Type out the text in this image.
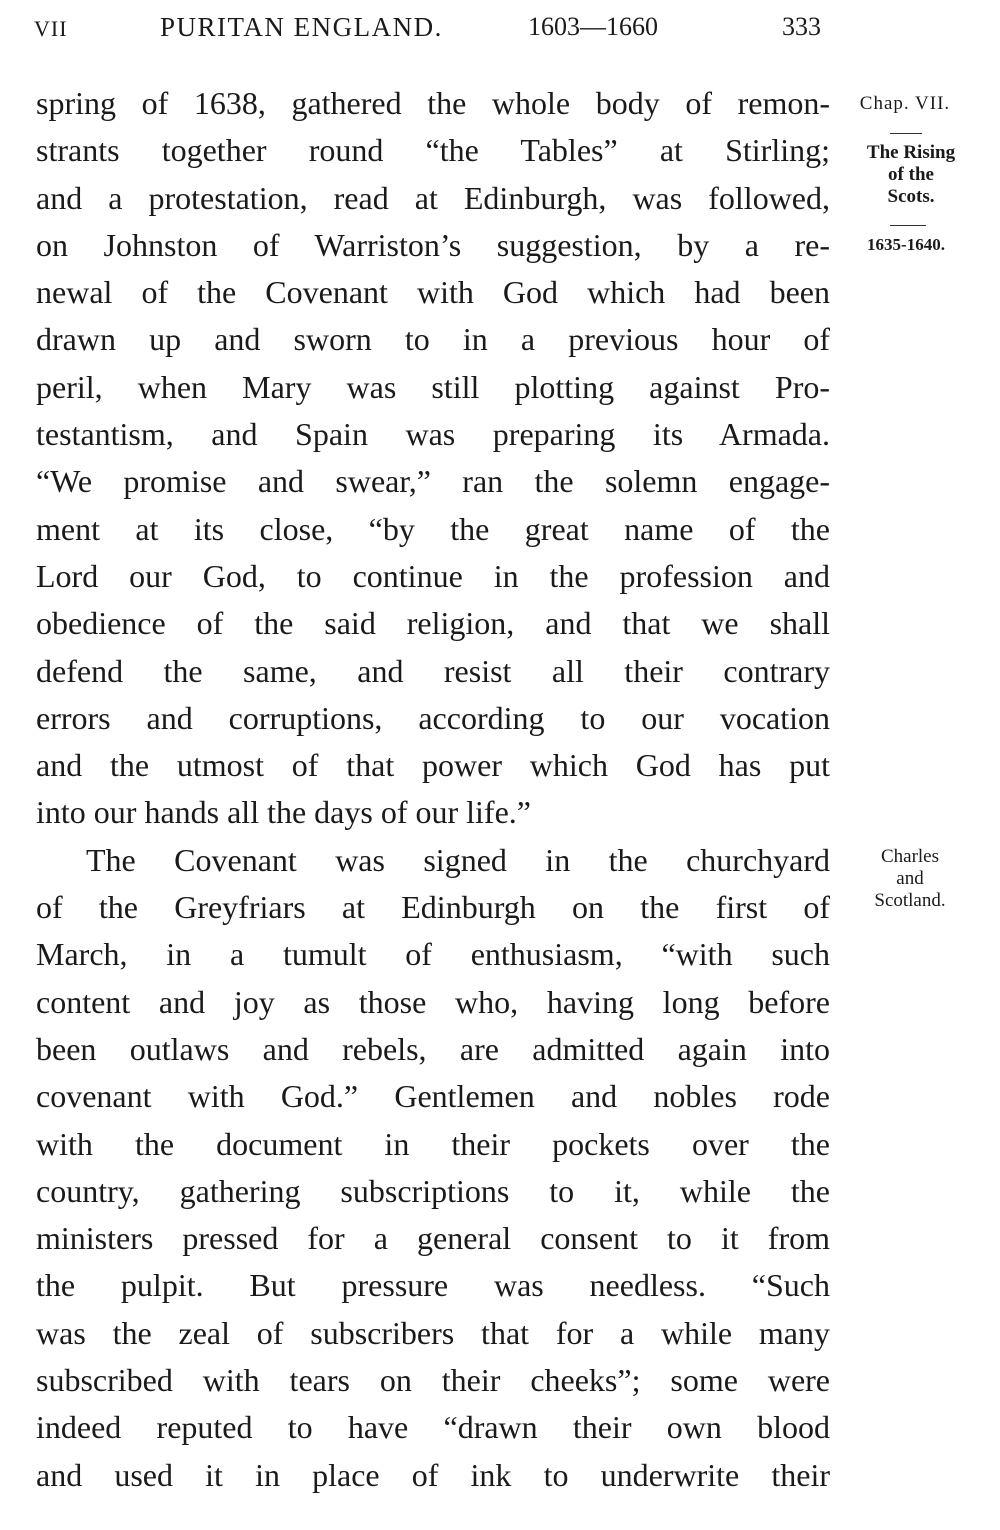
VII	PURITAN ENGLAND.	1603—1660	333
Chap. VII.
The Rising
of the
Scots.
1635-1640.
Charles
and
Scotland.
spring of 1638, gathered the whole body of remon-
strants together round “the Tables” at Stirling;
and a protestation, read at Edinburgh, was followed,
on Johnston of Warriston’s suggestion, by a re-
newal of the Covenant with God which had been
drawn up and sworn to in a previous hour of
peril, when Mary was still plotting against Pro-
testantism, and Spain was preparing its Armada.
“We promise and swear,” ran the solemn engage-
ment at its close, “by the great name of the
Lord our God, to continue in the profession and
obedience of the said religion, and that we shall
defend the same, and resist all their contrary
errors and corruptions, according to our vocation
and the utmost of that power which God has put
into our hands all the days of our life.”
The Covenant was signed in the churchyard
of the Greyfriars at Edinburgh on the first of
March, in a tumult of enthusiasm, “with such
content and joy as those who, having long before
been outlaws and rebels, are admitted again into
covenant with God.” Gentlemen and nobles rode
with the document in their pockets over the
country, gathering subscriptions to it, while the
ministers pressed for a general consent to it from
the pulpit. But pressure was needless. “Such
was the zeal of subscribers that for a while many
subscribed with tears on their cheeks”; some were
indeed reputed to have “drawn their own blood
and used it in place of ink to underwrite their
